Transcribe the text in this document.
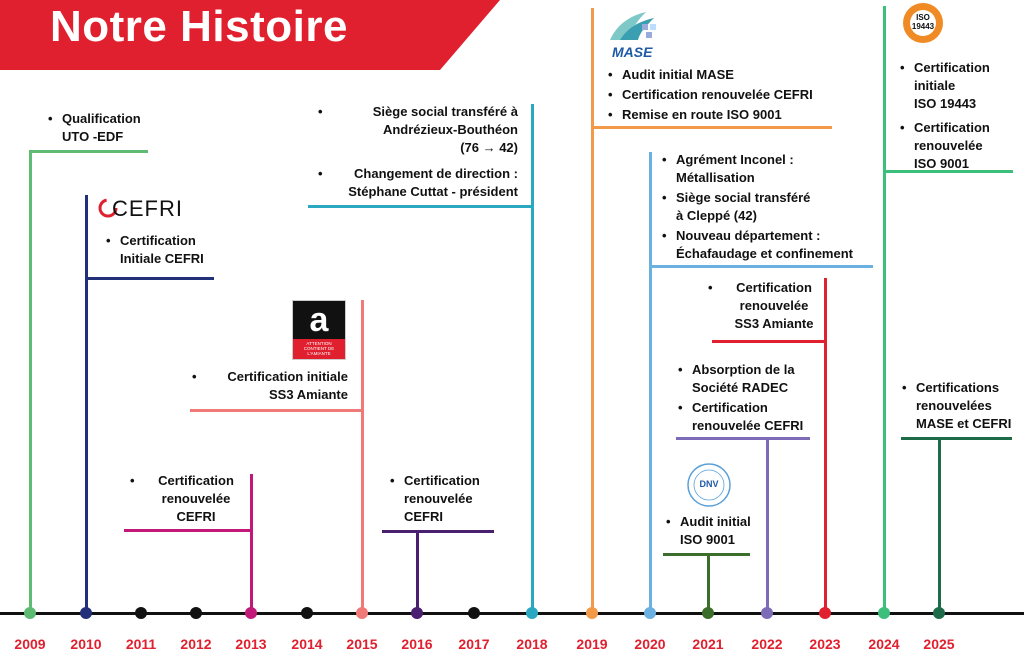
Notre Histoire
2009	2010	2011	2012	2013	2014	2015	2016	2017	2018	2019	2020	2021	2022	2023	2024	2025
• Qualification
UTO -EDF
• Certification
Initiale CEFRI
• Certification
renouvelée
CEFRI
• Certification initiale
SS3 Amiante
• Certification
renouvelée
CEFRI
• Siège social transféré à
Andrézieux-Bouthéon
(76 → 42)
• Changement de direction :
Stéphane Cuttat - président
• Audit initial MASE
• Certification renouvelée CEFRI
• Remise en route ISO 9001
• Agrément Inconel :
Métallisation
• Siège social transféré
à Cleppé (42)
• Nouveau département :
Échafaudage et confinement
• Audit initial
ISO 9001
• Absorption de la
Société RADEC
• Certification
renouvelée CEFRI
• Certification
renouvelée
SS3 Amiante
• Certification
initiale
ISO 19443
• Certification
renouvelée
ISO 9001
• Certifications
renouvelées
MASE et CEFRI
CEFRI
a
ATTENTION
CONTIENT DE
L'AMIANTE
MASE
DNV
ISO
19443
